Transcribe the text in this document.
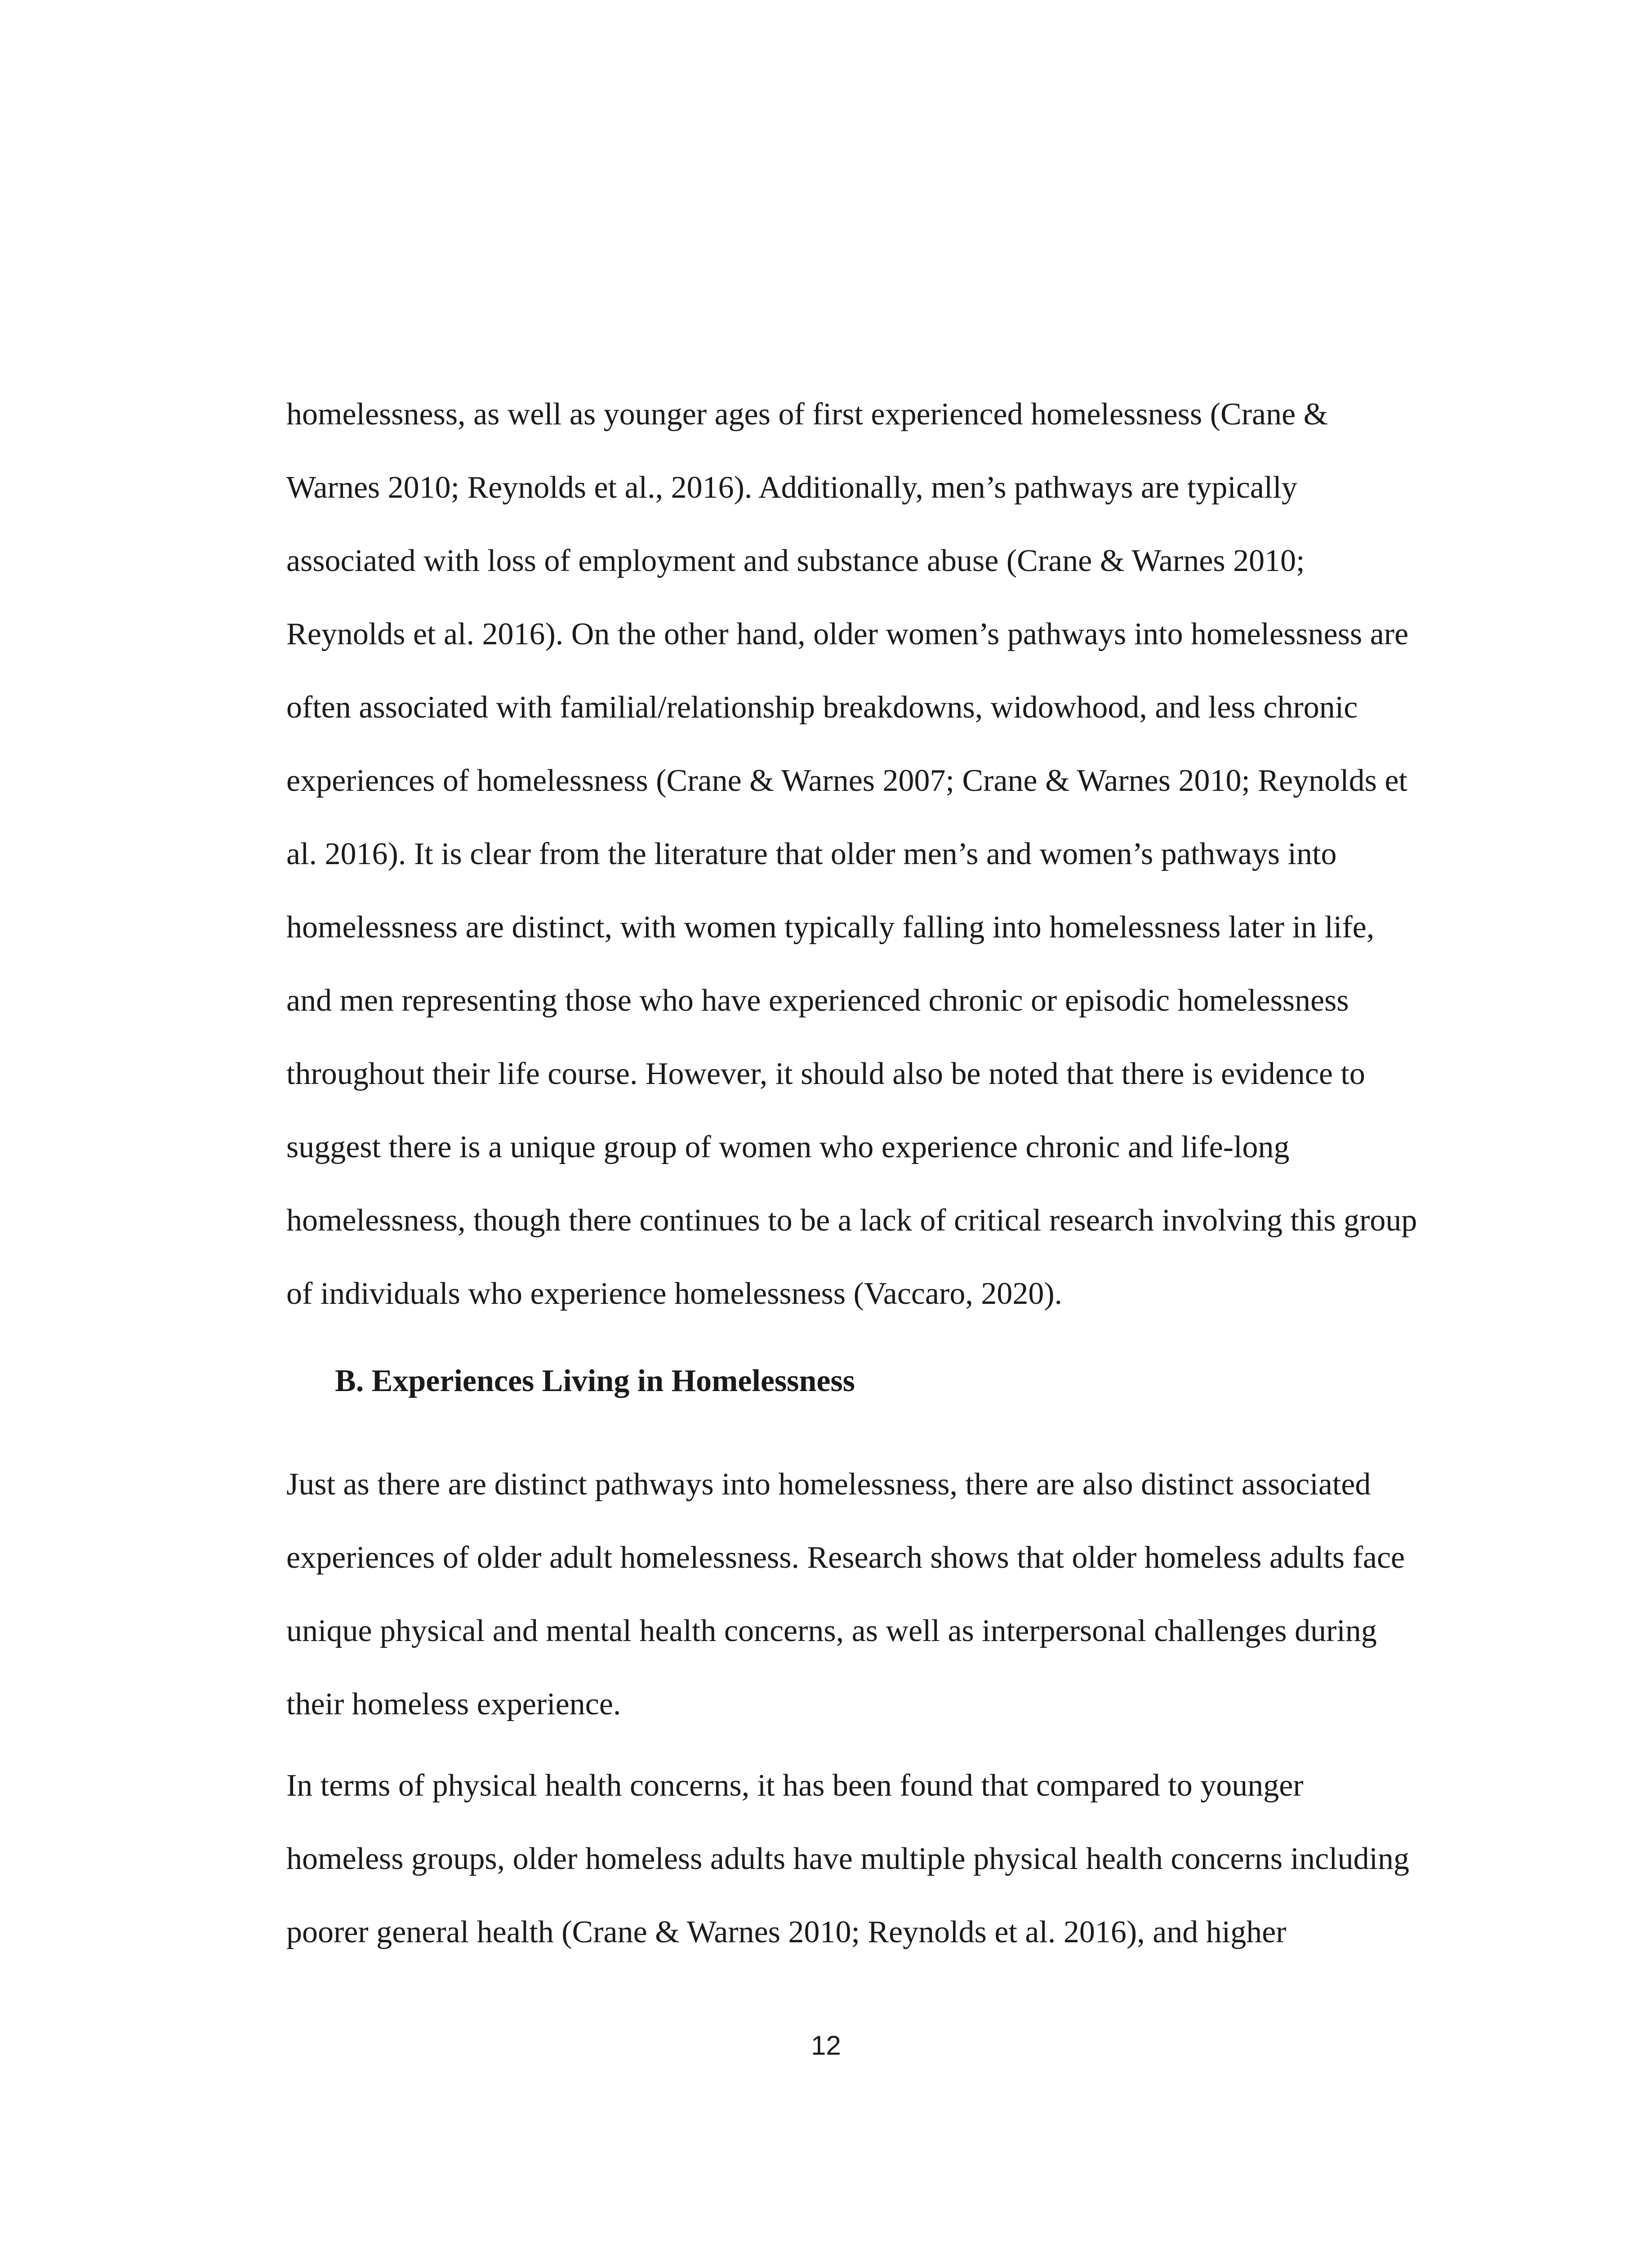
homelessness, as well as younger ages of first experienced homelessness (Crane &
Warnes 2010; Reynolds et al., 2016). Additionally, men’s pathways are typically
associated with loss of employment and substance abuse (Crane & Warnes 2010;
Reynolds et al. 2016). On the other hand, older women’s pathways into homelessness are
often associated with familial/relationship breakdowns, widowhood, and less chronic
experiences of homelessness (Crane & Warnes 2007; Crane & Warnes 2010; Reynolds et
al. 2016). It is clear from the literature that older men’s and women’s pathways into
homelessness are distinct, with women typically falling into homelessness later in life,
and men representing those who have experienced chronic or episodic homelessness
throughout their life course. However, it should also be noted that there is evidence to
suggest there is a unique group of women who experience chronic and life-long
homelessness, though there continues to be a lack of critical research involving this group
of individuals who experience homelessness (Vaccaro, 2020).
B. Experiences Living in Homelessness
Just as there are distinct pathways into homelessness, there are also distinct associated
experiences of older adult homelessness. Research shows that older homeless adults face
unique physical and mental health concerns, as well as interpersonal challenges during
their homeless experience.
In terms of physical health concerns, it has been found that compared to younger
homeless groups, older homeless adults have multiple physical health concerns including
poorer general health (Crane & Warnes 2010; Reynolds et al. 2016), and higher
12
